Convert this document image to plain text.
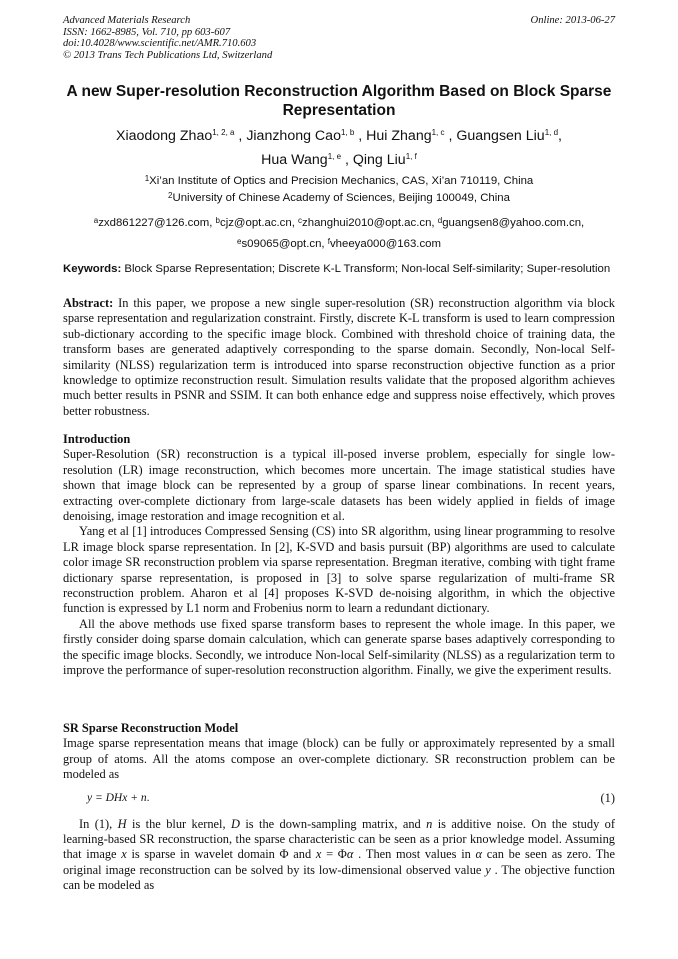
Advanced Materials Research
ISSN: 1662-8985, Vol. 710, pp 603-607
doi:10.4028/www.scientific.net/AMR.710.603
© 2013 Trans Tech Publications Ltd, Switzerland
Online: 2013-06-27
A new Super-resolution Reconstruction Algorithm Based on Block Sparse Representation
Xiaodong Zhao$^{1, 2, a}$ , Jianzhong Cao$^{1, b}$ , Hui Zhang$^{1, c}$ , Guangsen Liu$^{1, d}$,
Hua Wang$^{1, e}$ , Qing Liu$^{1, f}$
$^1$Xi’an Institute of Optics and Precision Mechanics, CAS, Xi’an 710119, China
$^2$University of Chinese Academy of Sciences, Beijing 100049, China
$^a$zxd861227@126.com, $^b$cjz@opt.ac.cn, $^c$zhanghui2010@opt.ac.cn, $^d$guangsen8@yahoo.com.cn,
$^e$s09065@opt.cn, $^f$vheeya000@163.com
Keywords: Block Sparse Representation; Discrete K-L Transform; Non-local Self-similarity; Super-resolution

Abstract: In this paper, we propose a new single super-resolution (SR) reconstruction algorithm via block sparse representation and regularization constraint. Firstly, discrete K-L transform is used to learn compression sub-dictionary according to the specific image block. Combined with threshold choice of training data, the transform bases are generated adaptively corresponding to the sparse domain. Secondly, Non-local Self-similarity (NLSS) regularization term is introduced into sparse reconstruction objective function as a prior knowledge to optimize reconstruction result. Simulation results validate that the proposed algorithm achieves much better results in PSNR and SSIM. It can both enhance edge and suppress noise effectively, which proves better robustness.

Introduction

Super-Resolution (SR) reconstruction is a typical ill-posed inverse problem, especially for single low-resolution (LR) image reconstruction, which becomes more uncertain. The image statistical studies have shown that image block can be represented by a group of sparse linear combinations. In recent years, extracting over-complete dictionary from large-scale datasets has been widely applied in fields of image denoising, image restoration and image recognition et al.

Yang et al [1] introduces Compressed Sensing (CS) into SR algorithm, using linear programming to resolve LR image block sparse representation. In [2], K-SVD and basis pursuit (BP) algorithms are used to calculate color image SR reconstruction problem via sparse representation. Bregman iterative, combing with tight frame dictionary sparse representation, is proposed in [3] to solve sparse regularization of multi-frame SR reconstruction problem. Aharon et al [4] proposes K-SVD de-noising algorithm, in which the objective function is expressed by L1 norm and Frobenius norm to learn a redundant dictionary.

All the above methods use fixed sparse transform bases to represent the whole image. In this paper, we firstly consider doing sparse domain calculation, which can generate sparse bases adaptively corresponding to the specific image blocks. Secondly, we introduce Non-local Self-similarity (NLSS) as a regularization term to improve the performance of super-resolution reconstruction algorithm. Finally, we give the experiment results.

SR Sparse Reconstruction Model

Image sparse representation means that image (block) can be fully or approximately represented by a small group of atoms. All the atoms compose an over-complete dictionary. SR reconstruction problem can be modeled as

y = DHx + n.	(1)

In (1), H is the blur kernel, D is the down-sampling matrix, and n is additive noise. On the study of learning-based SR reconstruction, the sparse characteristic can be seen as a prior knowledge model. Assuming that image x is sparse in wavelet domain Φ and x = Φα . Then most values in α can be seen as zero. The original image reconstruction can be solved by its low-dimensional observed value y . The objective function can be modeled as
